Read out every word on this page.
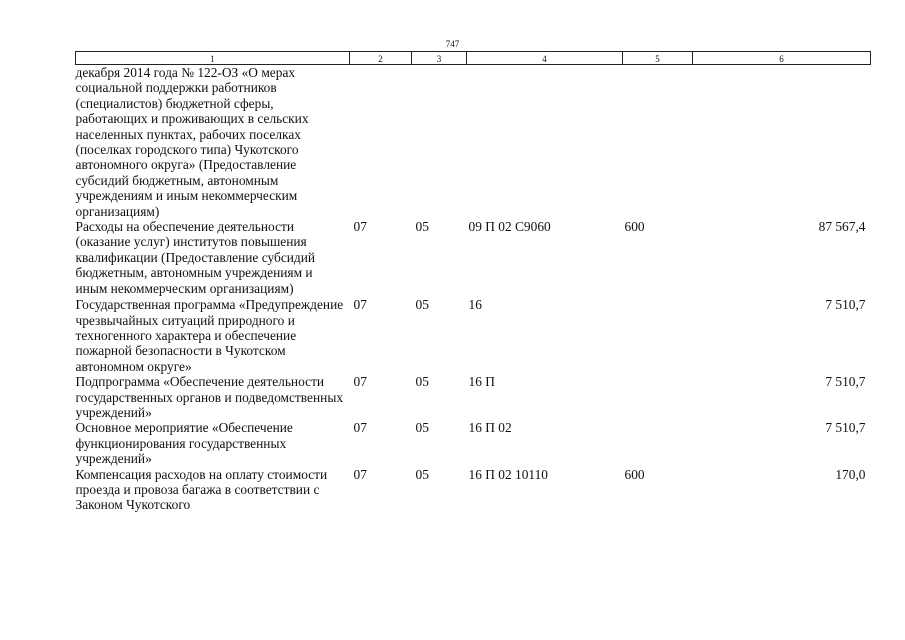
747
1	2	3	4	5	6
декабря 2014 года № 122-ОЗ «О мерах социальной поддержки работников (специалистов) бюджетной сферы, работающих и проживающих в сельских населенных пунктах, рабочих поселках (поселках городского типа) Чукотского автономного округа» (Предоставление субсидий бюджетным, автономным учреждениям и иным некоммерческим организациям)					
Расходы на обеспечение деятельности (оказание услуг) институтов повышения квалификации (Предоставление субсидий бюджетным, автономным учреждениям и иным некоммерческим организациям)	07	05	09 П 02 С9060	600	87 567,4
Государственная программа «Предупреждение чрезвычайных ситуаций природного и техногенного характера и обеспечение пожарной безопасности в Чукотском автономном округе»	07	05	16		7 510,7
Подпрограмма «Обеспечение деятельности государственных органов и подведомственных учреждений»	07	05	16 П		7 510,7
Основное мероприятие «Обеспечение функционирования государственных учреждений»	07	05	16 П 02		7 510,7
Компенсация расходов на оплату стоимости проезда и провоза багажа в соответствии с Законом Чукотского	07	05	16 П 02 10110	600	170,0
